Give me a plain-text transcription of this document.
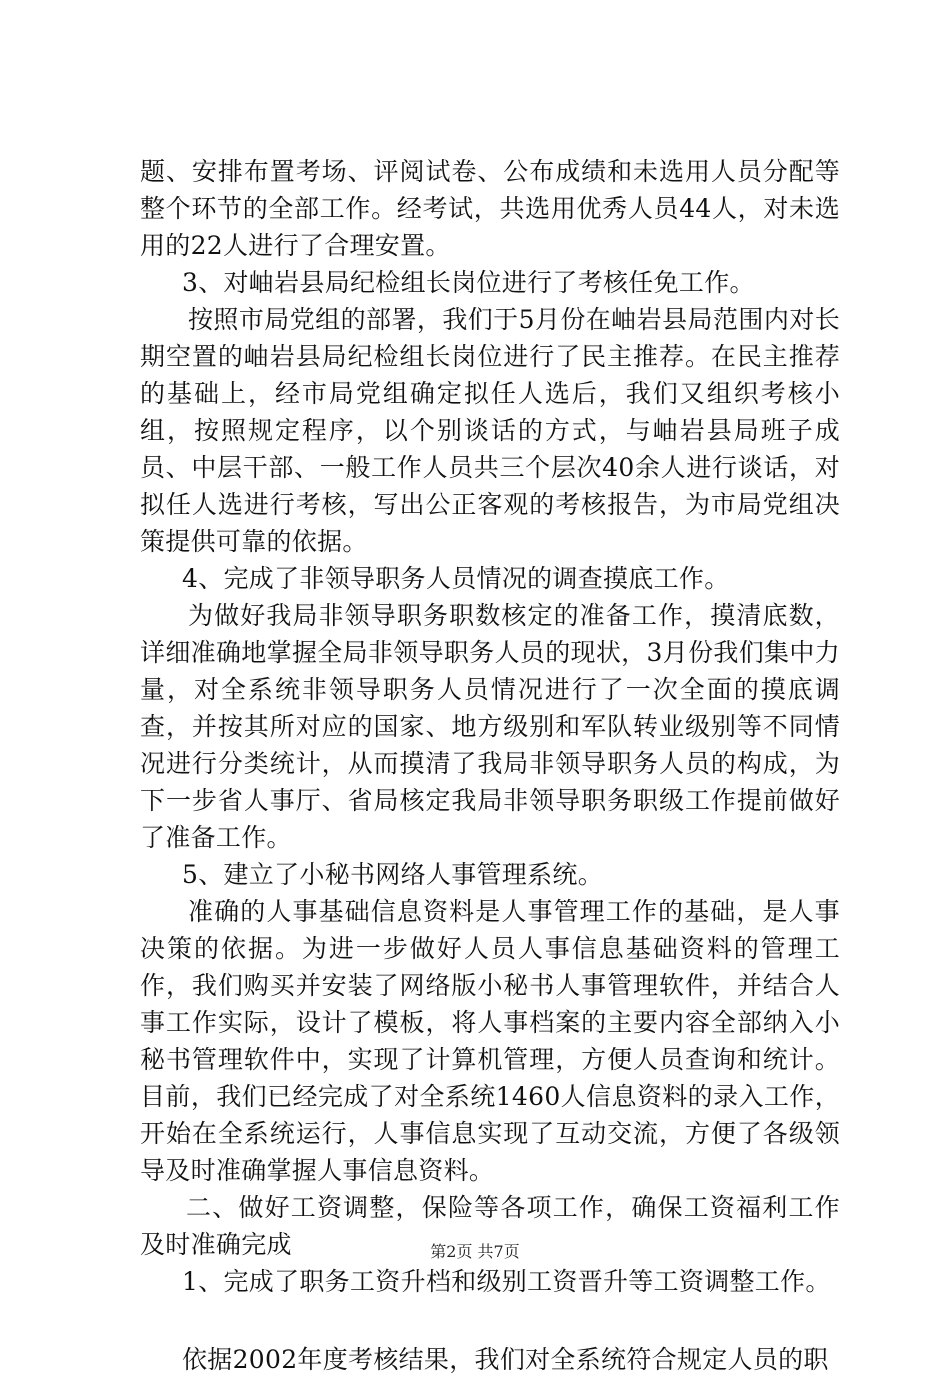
题、安排布置考场、评阅试卷、公布成绩和未选用人员分配等整个环节的全部工作。经考试，共选用优秀人员44人，对未选用的22人进行了合理安置。

3、对岫岩县局纪检组长岗位进行了考核任免工作。

按照市局党组的部署，我们于5月份在岫岩县局范围内对长期空置的岫岩县局纪检组长岗位进行了民主推荐。在民主推荐的基础上，经市局党组确定拟任人选后，我们又组织考核小组，按照规定程序，以个别谈话的方式，与岫岩县局班子成员、中层干部、一般工作人员共三个层次40余人进行谈话，对拟任人选进行考核，写出公正客观的考核报告，为市局党组决策提供可靠的依据。

4、完成了非领导职务人员情况的调查摸底工作。

为做好我局非领导职务职数核定的准备工作，摸清底数，详细准确地掌握全局非领导职务人员的现状，3月份我们集中力量，对全系统非领导职务人员情况进行了一次全面的摸底调查，并按其所对应的国家、地方级别和军队转业级别等不同情况进行分类统计，从而摸清了我局非领导职务人员的构成，为下一步省人事厅、省局核定我局非领导职务职级工作提前做好了准备工作。

5、建立了小秘书网络人事管理系统。

准确的人事基础信息资料是人事管理工作的基础，是人事决策的依据。为进一步做好人员人事信息基础资料的管理工作，我们购买并安装了网络版小秘书人事管理软件，并结合人事工作实际，设计了模板，将人事档案的主要内容全部纳入小秘书管理软件中，实现了计算机管理，方便人员查询和统计。目前，我们已经完成了对全系统1460人信息资料的录入工作，开始在全系统运行，人事信息实现了互动交流，方便了各级领导及时准确掌握人事信息资料。

二、做好工资调整，保险等各项工作，确保工资福利工作及时准确完成

1、完成了职务工资升档和级别工资晋升等工资调整工作。

依据2002年度考核结果，我们对全系统符合规定人员的职

第2页 共7页
